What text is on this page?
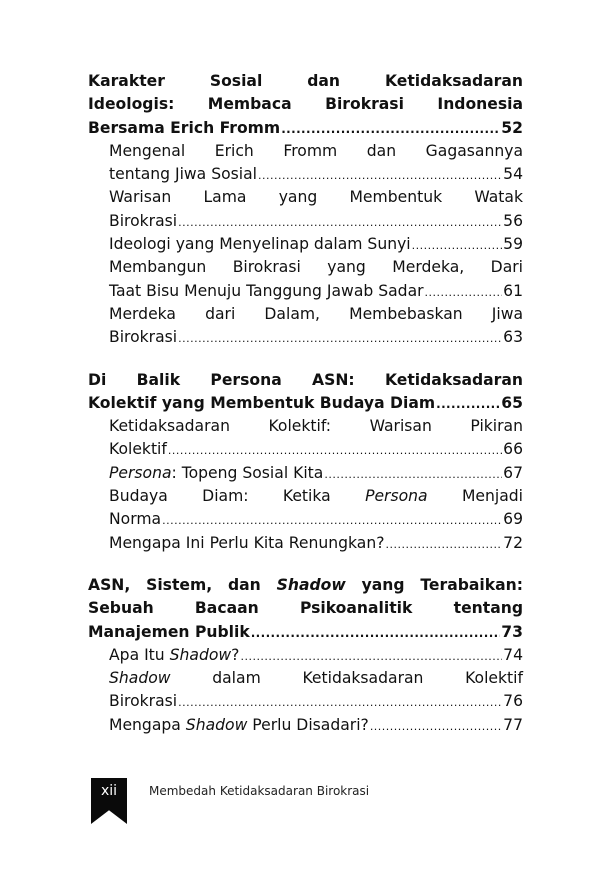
Karakter Sosial dan Ketidaksadaran
Ideologis: Membaca Birokrasi Indonesia
Bersama Erich Fromm .....	52
Mengenal Erich Fromm dan Gagasannya
tentang Jiwa Sosial .....	54
Warisan Lama yang Membentuk Watak
Birokrasi .....	56
Ideologi yang Menyelinap dalam Sunyi .....	59
Membangun Birokrasi yang Merdeka, Dari
Taat Bisu Menuju Tanggung Jawab Sadar .....	61
Merdeka dari Dalam, Membebaskan Jiwa
Birokrasi .....	63
Di Balik Persona ASN: Ketidaksadaran
Kolektif yang Membentuk Budaya Diam .....	65
Ketidaksadaran Kolektif: Warisan Pikiran
Kolektif .....	66
Persona: Topeng Sosial Kita .....	67
Budaya Diam: Ketika Persona Menjadi
Norma .....	69
Mengapa Ini Perlu Kita Renungkan? .....	72
ASN, Sistem, dan Shadow yang Terabaikan:
Sebuah Bacaan Psikoanalitik tentang
Manajemen Publik .....	73
Apa Itu Shadow? .....	74
Shadow dalam Ketidaksadaran Kolektif
Birokrasi .....	76
Mengapa Shadow Perlu Disadari? .....	77
xii	Membedah Ketidaksadaran Birokrasi
